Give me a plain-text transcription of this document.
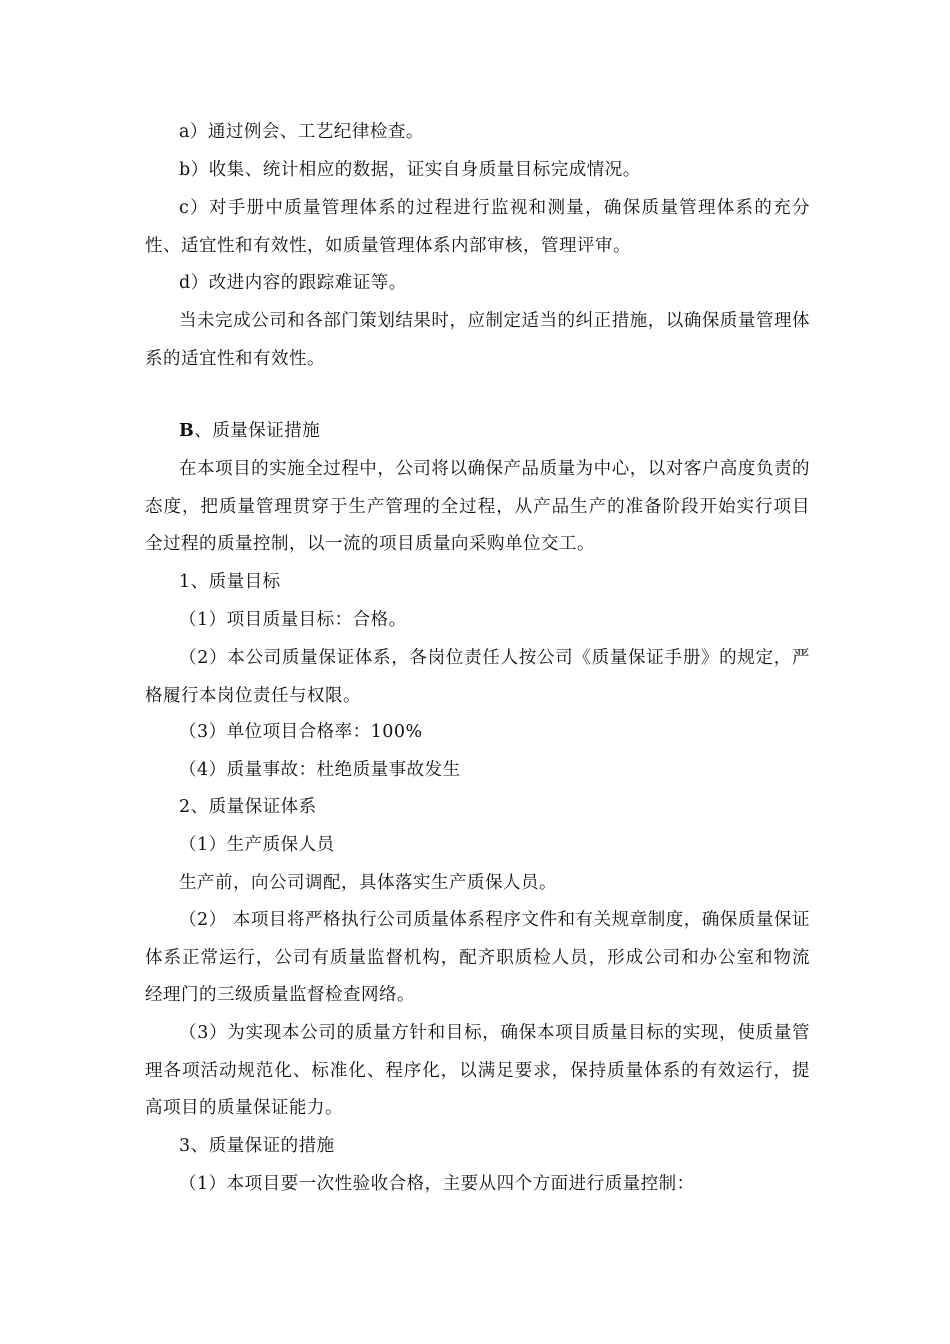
a）通过例会、工艺纪律检查。

b）收集、统计相应的数据，证实自身质量目标完成情况。

c）对手册中质量管理体系的过程进行监视和测量，确保质量管理体系的充分性、适宜性和有效性，如质量管理体系内部审核，管理评审。

d）改进内容的跟踪难证等。

当未完成公司和各部门策划结果时，应制定适当的纠正措施，以确保质量管理体系的适宜性和有效性。

B、质量保证措施

在本项目的实施全过程中，公司将以确保产品质量为中心，以对客户高度负责的态度，把质量管理贯穿于生产管理的全过程，从产品生产的准备阶段开始实行项目全过程的质量控制，以一流的项目质量向采购单位交工。

1、质量目标

（1）项目质量目标：合格。

（2）本公司质量保证体系，各岗位责任人按公司《质量保证手册》的规定，严格履行本岗位责任与权限。

（3）单位项目合格率：100%

（4）质量事故：杜绝质量事故发生

2、质量保证体系

（1）生产质保人员

生产前，向公司调配，具体落实生产质保人员。

（2） 本项目将严格执行公司质量体系程序文件和有关规章制度，确保质量保证体系正常运行，公司有质量监督机构，配齐职质检人员，形成公司和办公室和物流经理门的三级质量监督检查网络。

（3）为实现本公司的质量方针和目标，确保本项目质量目标的实现，使质量管理各项活动规范化、标准化、程序化，以满足要求，保持质量体系的有效运行，提高项目的质量保证能力。

3、质量保证的措施

（1）本项目要一次性验收合格，主要从四个方面进行质量控制：
